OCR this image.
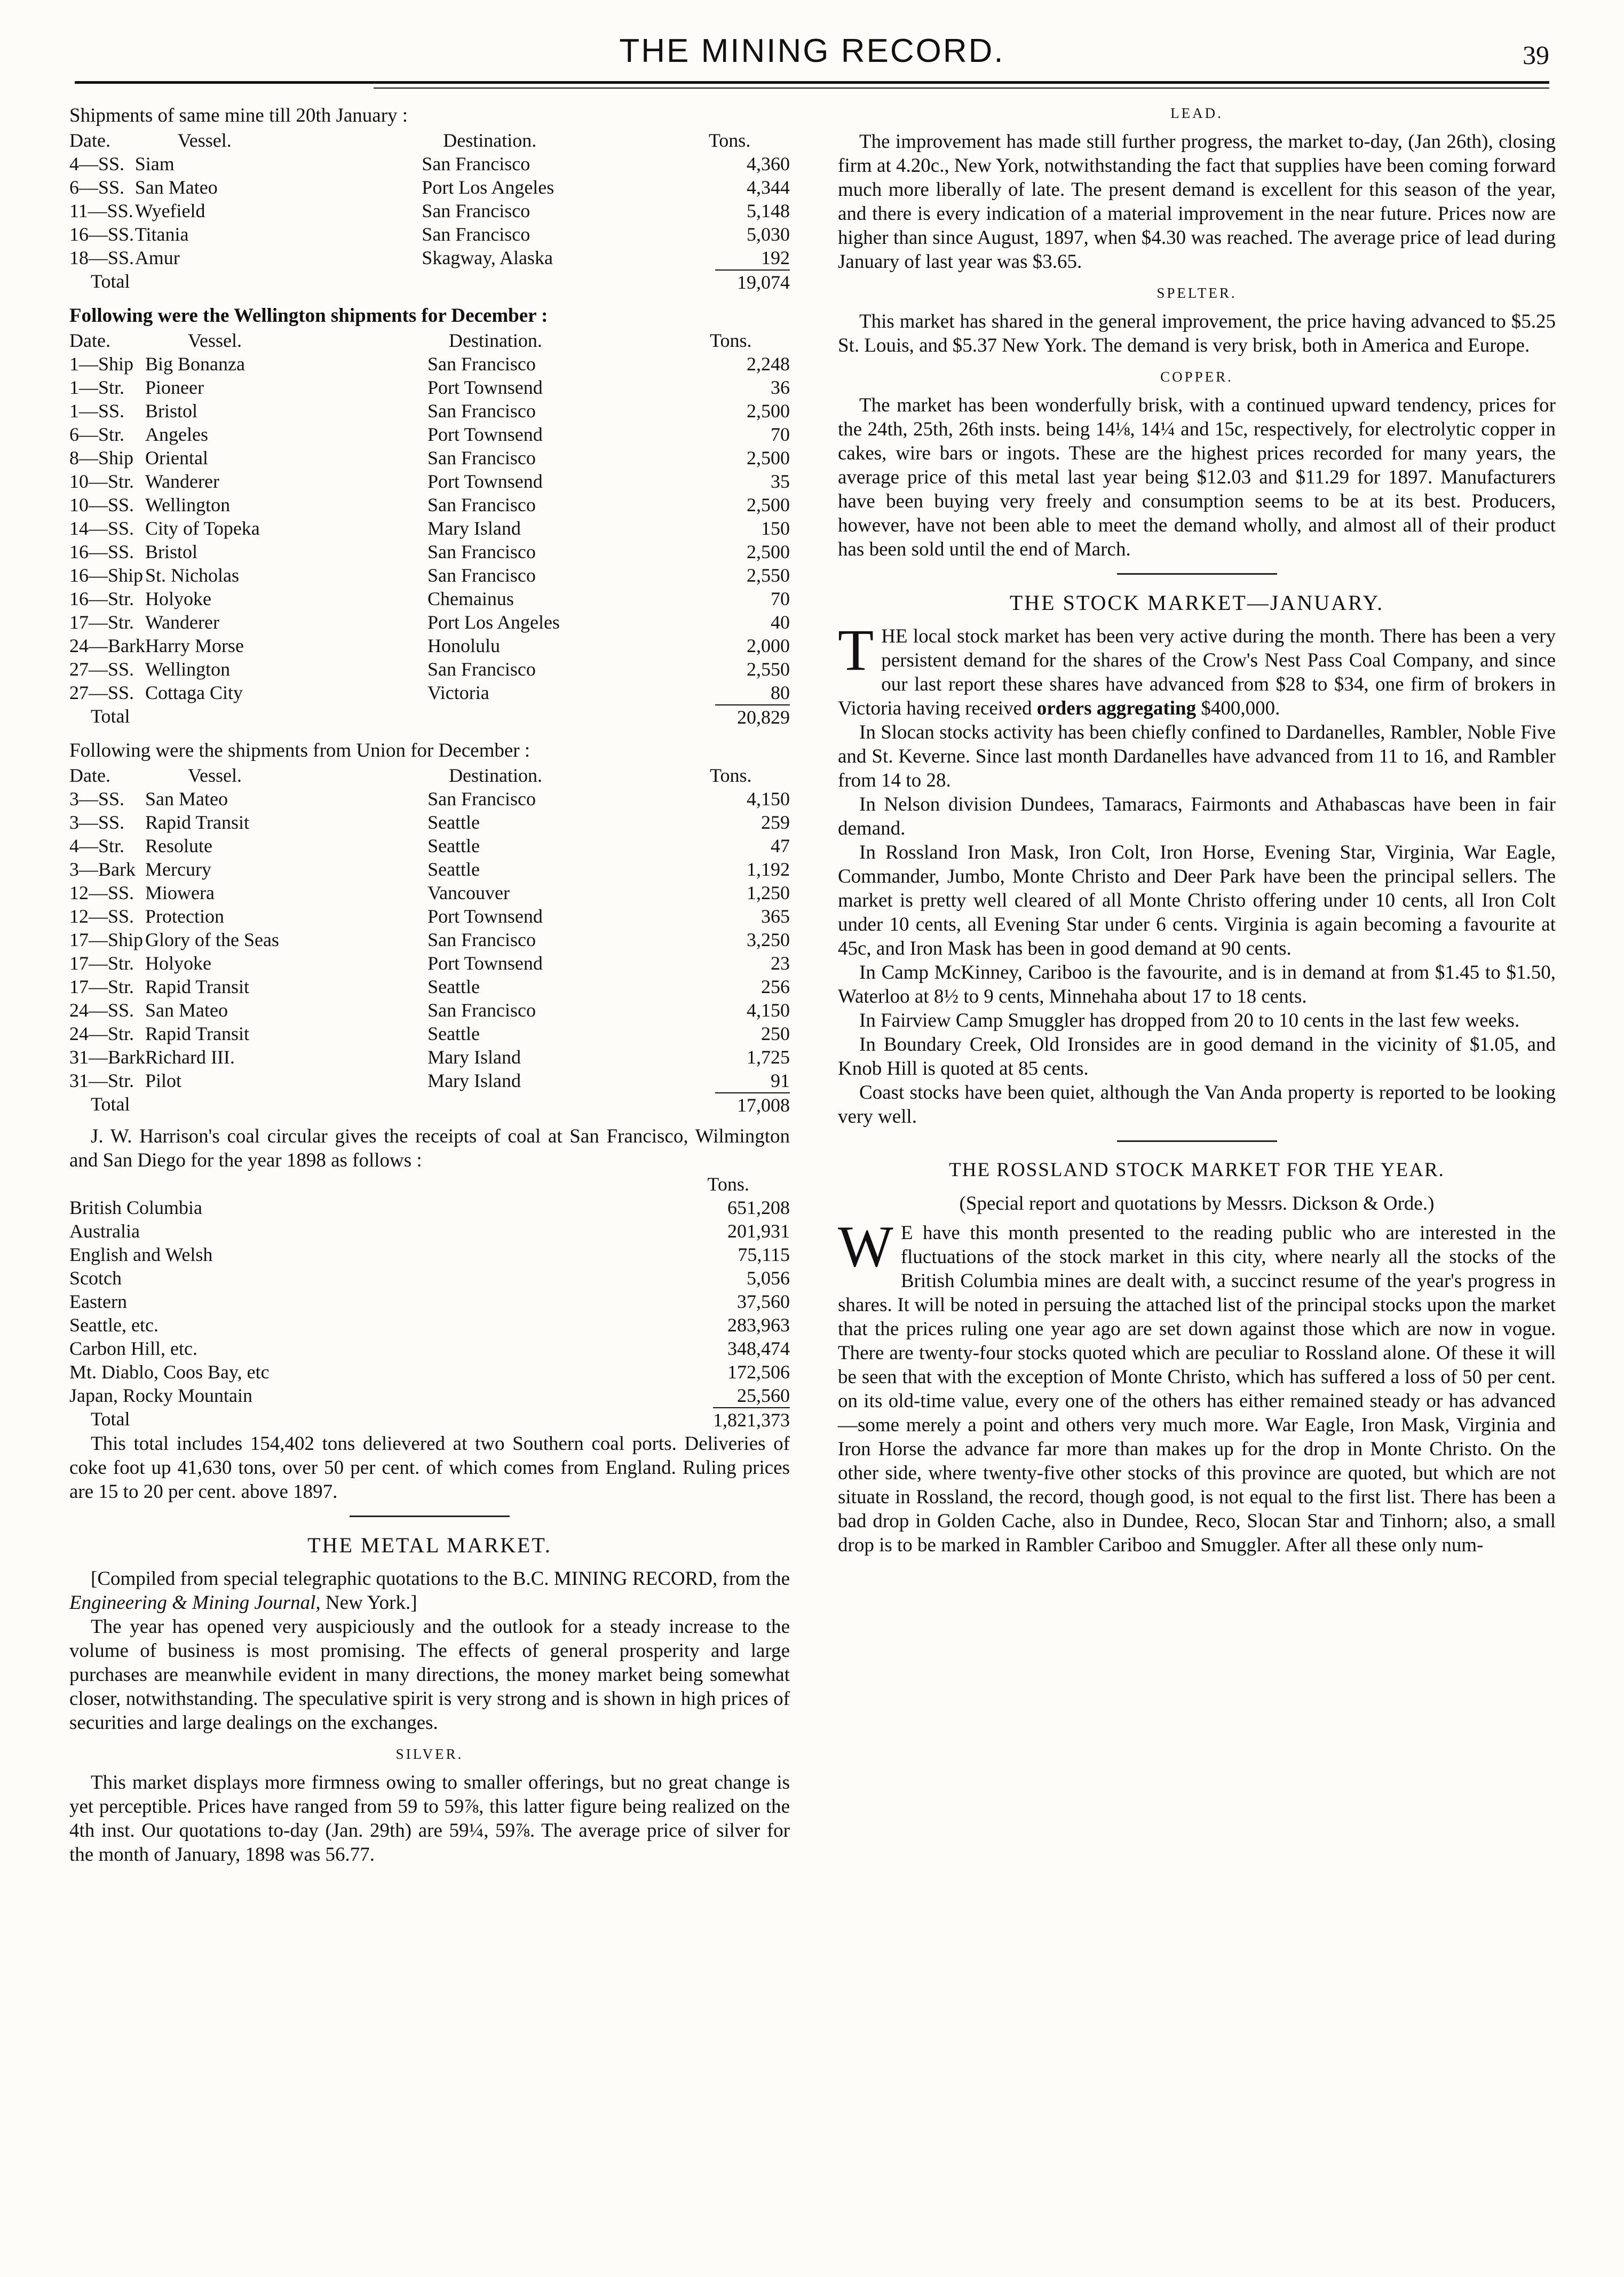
THE MINING RECORD.	39
Shipments of same mine till 20th January :
Date.	Vessel.	Destination.	Tons.
4—SS.	Siam	San Francisco	4,360
6—SS.	San Mateo	Port Los Angeles	4,344
11—SS.	Wyefield	San Francisco	5,148
16—SS.	Titania	San Francisco	5,030
18—SS.	Amur	Skagway, Alaska	192
Total			19,074
Following were the Wellington shipments for December :
Date.	Vessel.	Destination.	Tons.
1—Ship	Big Bonanza	San Francisco	2,248
1—Str.	Pioneer	Port Townsend	36
1—SS.	Bristol	San Francisco	2,500
6—Str.	Angeles	Port Townsend	70
8—Ship	Oriental	San Francisco	2,500
10—Str.	Wanderer	Port Townsend	35
10—SS.	Wellington	San Francisco	2,500
14—SS.	City of Topeka	Mary Island	150
16—SS.	Bristol	San Francisco	2,500
16—Ship	St. Nicholas	San Francisco	2,550
16—Str.	Holyoke	Chemainus	70
17—Str.	Wanderer	Port Los Angeles	40
24—Bark	Harry Morse	Honolulu	2,000
27—SS.	Wellington	San Francisco	2,550
27—SS.	Cottaga City	Victoria	80
Total			20,829
Following were the shipments from Union for December :
Date.	Vessel.	Destination.	Tons.
3—SS.	San Mateo	San Francisco	4,150
3—SS.	Rapid Transit	Seattle	259
4—Str.	Resolute	Seattle	47
3—Bark	Mercury	Seattle	1,192
12—SS.	Miowera	Vancouver	1,250
12—SS.	Protection	Port Townsend	365
17—Ship	Glory of the Seas	San Francisco	3,250
17—Str.	Holyoke	Port Townsend	23
17—Str.	Rapid Transit	Seattle	256
24—SS.	San Mateo	San Francisco	4,150
24—Str.	Rapid Transit	Seattle	250
31—Bark	Richard III.	Mary Island	1,725
31—Str.	Pilot	Mary Island	91
Total			17,008

J. W. Harrison's coal circular gives the receipts of coal at San Francisco, Wilmington and San Diego for the year 1898 as follows :

	Tons.
British Columbia	651,208
Australia	201,931
English and Welsh	75,115
Scotch	5,056
Eastern	37,560
Seattle, etc.	283,963
Carbon Hill, etc.	348,474
Mt. Diablo, Coos Bay, etc	172,506
Japan, Rocky Mountain	25,560
Total	1,821,373

This total includes 154,402 tons delievered at two Southern coal ports. Deliveries of coke foot up 41,630 tons, over 50 per cent. of which comes from England. Ruling prices are 15 to 20 per cent. above 1897.

THE METAL MARKET.

[Compiled from special telegraphic quotations to the B.C. MINING RECORD, from the Engineering & Mining Journal, New York.]

The year has opened very auspiciously and the outlook for a steady increase to the volume of business is most promising. The effects of general prosperity and large purchases are meanwhile evident in many directions, the money market being somewhat closer, notwithstanding. The speculative spirit is very strong and is shown in high prices of securities and large dealings on the exchanges.

SILVER.

This market displays more firmness owing to smaller offerings, but no great change is yet perceptible. Prices have ranged from 59 to 59⅞, this latter figure being realized on the 4th inst. Our quotations to-day (Jan. 29th) are 59¼, 59⅞. The average price of silver for the month of January, 1898 was 56.77.

LEAD.

The improvement has made still further progress, the market to-day, (Jan 26th), closing firm at 4.20c., New York, notwithstanding the fact that supplies have been coming forward much more liberally of late. The present demand is excellent for this season of the year, and there is every indication of a material improvement in the near future. Prices now are higher than since August, 1897, when $4.30 was reached. The average price of lead during January of last year was $3.65.

SPELTER.

This market has shared in the general improvement, the price having advanced to $5.25 St. Louis, and $5.37 New York. The demand is very brisk, both in America and Europe.

COPPER.

The market has been wonderfully brisk, with a continued upward tendency, prices for the 24th, 25th, 26th insts. being 14⅛, 14¼ and 15c, respectively, for electrolytic copper in cakes, wire bars or ingots. These are the highest prices recorded for many years, the average price of this metal last year being $12.03 and $11.29 for 1897. Manufacturers have been buying very freely and consumption seems to be at its best. Producers, however, have not been able to meet the demand wholly, and almost all of their product has been sold until the end of March.

THE STOCK MARKET—JANUARY.

THE local stock market has been very active during the month. There has been a very persistent demand for the shares of the Crow's Nest Pass Coal Company, and since our last report these shares have advanced from $28 to $34, one firm of brokers in Victoria having received orders aggregating $400,000.

In Slocan stocks activity has been chiefly confined to Dardanelles, Rambler, Noble Five and St. Keverne. Since last month Dardanelles have advanced from 11 to 16, and Rambler from 14 to 28.

In Nelson division Dundees, Tamaracs, Fairmonts and Athabascas have been in fair demand.

In Rossland Iron Mask, Iron Colt, Iron Horse, Evening Star, Virginia, War Eagle, Commander, Jumbo, Monte Christo and Deer Park have been the principal sellers. The market is pretty well cleared of all Monte Christo offering under 10 cents, all Iron Colt under 10 cents, all Evening Star under 6 cents. Virginia is again becoming a favourite at 45c, and Iron Mask has been in good demand at 90 cents.

In Camp McKinney, Cariboo is the favourite, and is in demand at from $1.45 to $1.50, Waterloo at 8½ to 9 cents, Minnehaha about 17 to 18 cents.

In Fairview Camp Smuggler has dropped from 20 to 10 cents in the last few weeks.

In Boundary Creek, Old Ironsides are in good demand in the vicinity of $1.05, and Knob Hill is quoted at 85 cents.

Coast stocks have been quiet, although the Van Anda property is reported to be looking very well.

THE ROSSLAND STOCK MARKET FOR THE YEAR.
(Special report and quotations by Messrs. Dickson & Orde.)

W E have this month presented to the reading public who are interested in the fluctuations of the stock market in this city, where nearly all the stocks of the British Columbia mines are dealt with, a succinct resume of the year's progress in shares. It will be noted in persuing the attached list of the principal stocks upon the market that the prices ruling one year ago are set down against those which are now in vogue. There are twenty-four stocks quoted which are peculiar to Rossland alone. Of these it will be seen that with the exception of Monte Christo, which has suffered a loss of 50 per cent. on its old-time value, every one of the others has either remained steady or has advanced—some merely a point and others very much more. War Eagle, Iron Mask, Virginia and Iron Horse the advance far more than makes up for the drop in Monte Christo. On the other side, where twenty-five other stocks of this province are quoted, but which are not situate in Rossland, the record, though good, is not equal to the first list. There has been a bad drop in Golden Cache, also in Dundee, Reco, Slocan Star and Tinhorn; also, a small drop is to be marked in Rambler Cariboo and Smuggler. After all these only num-
